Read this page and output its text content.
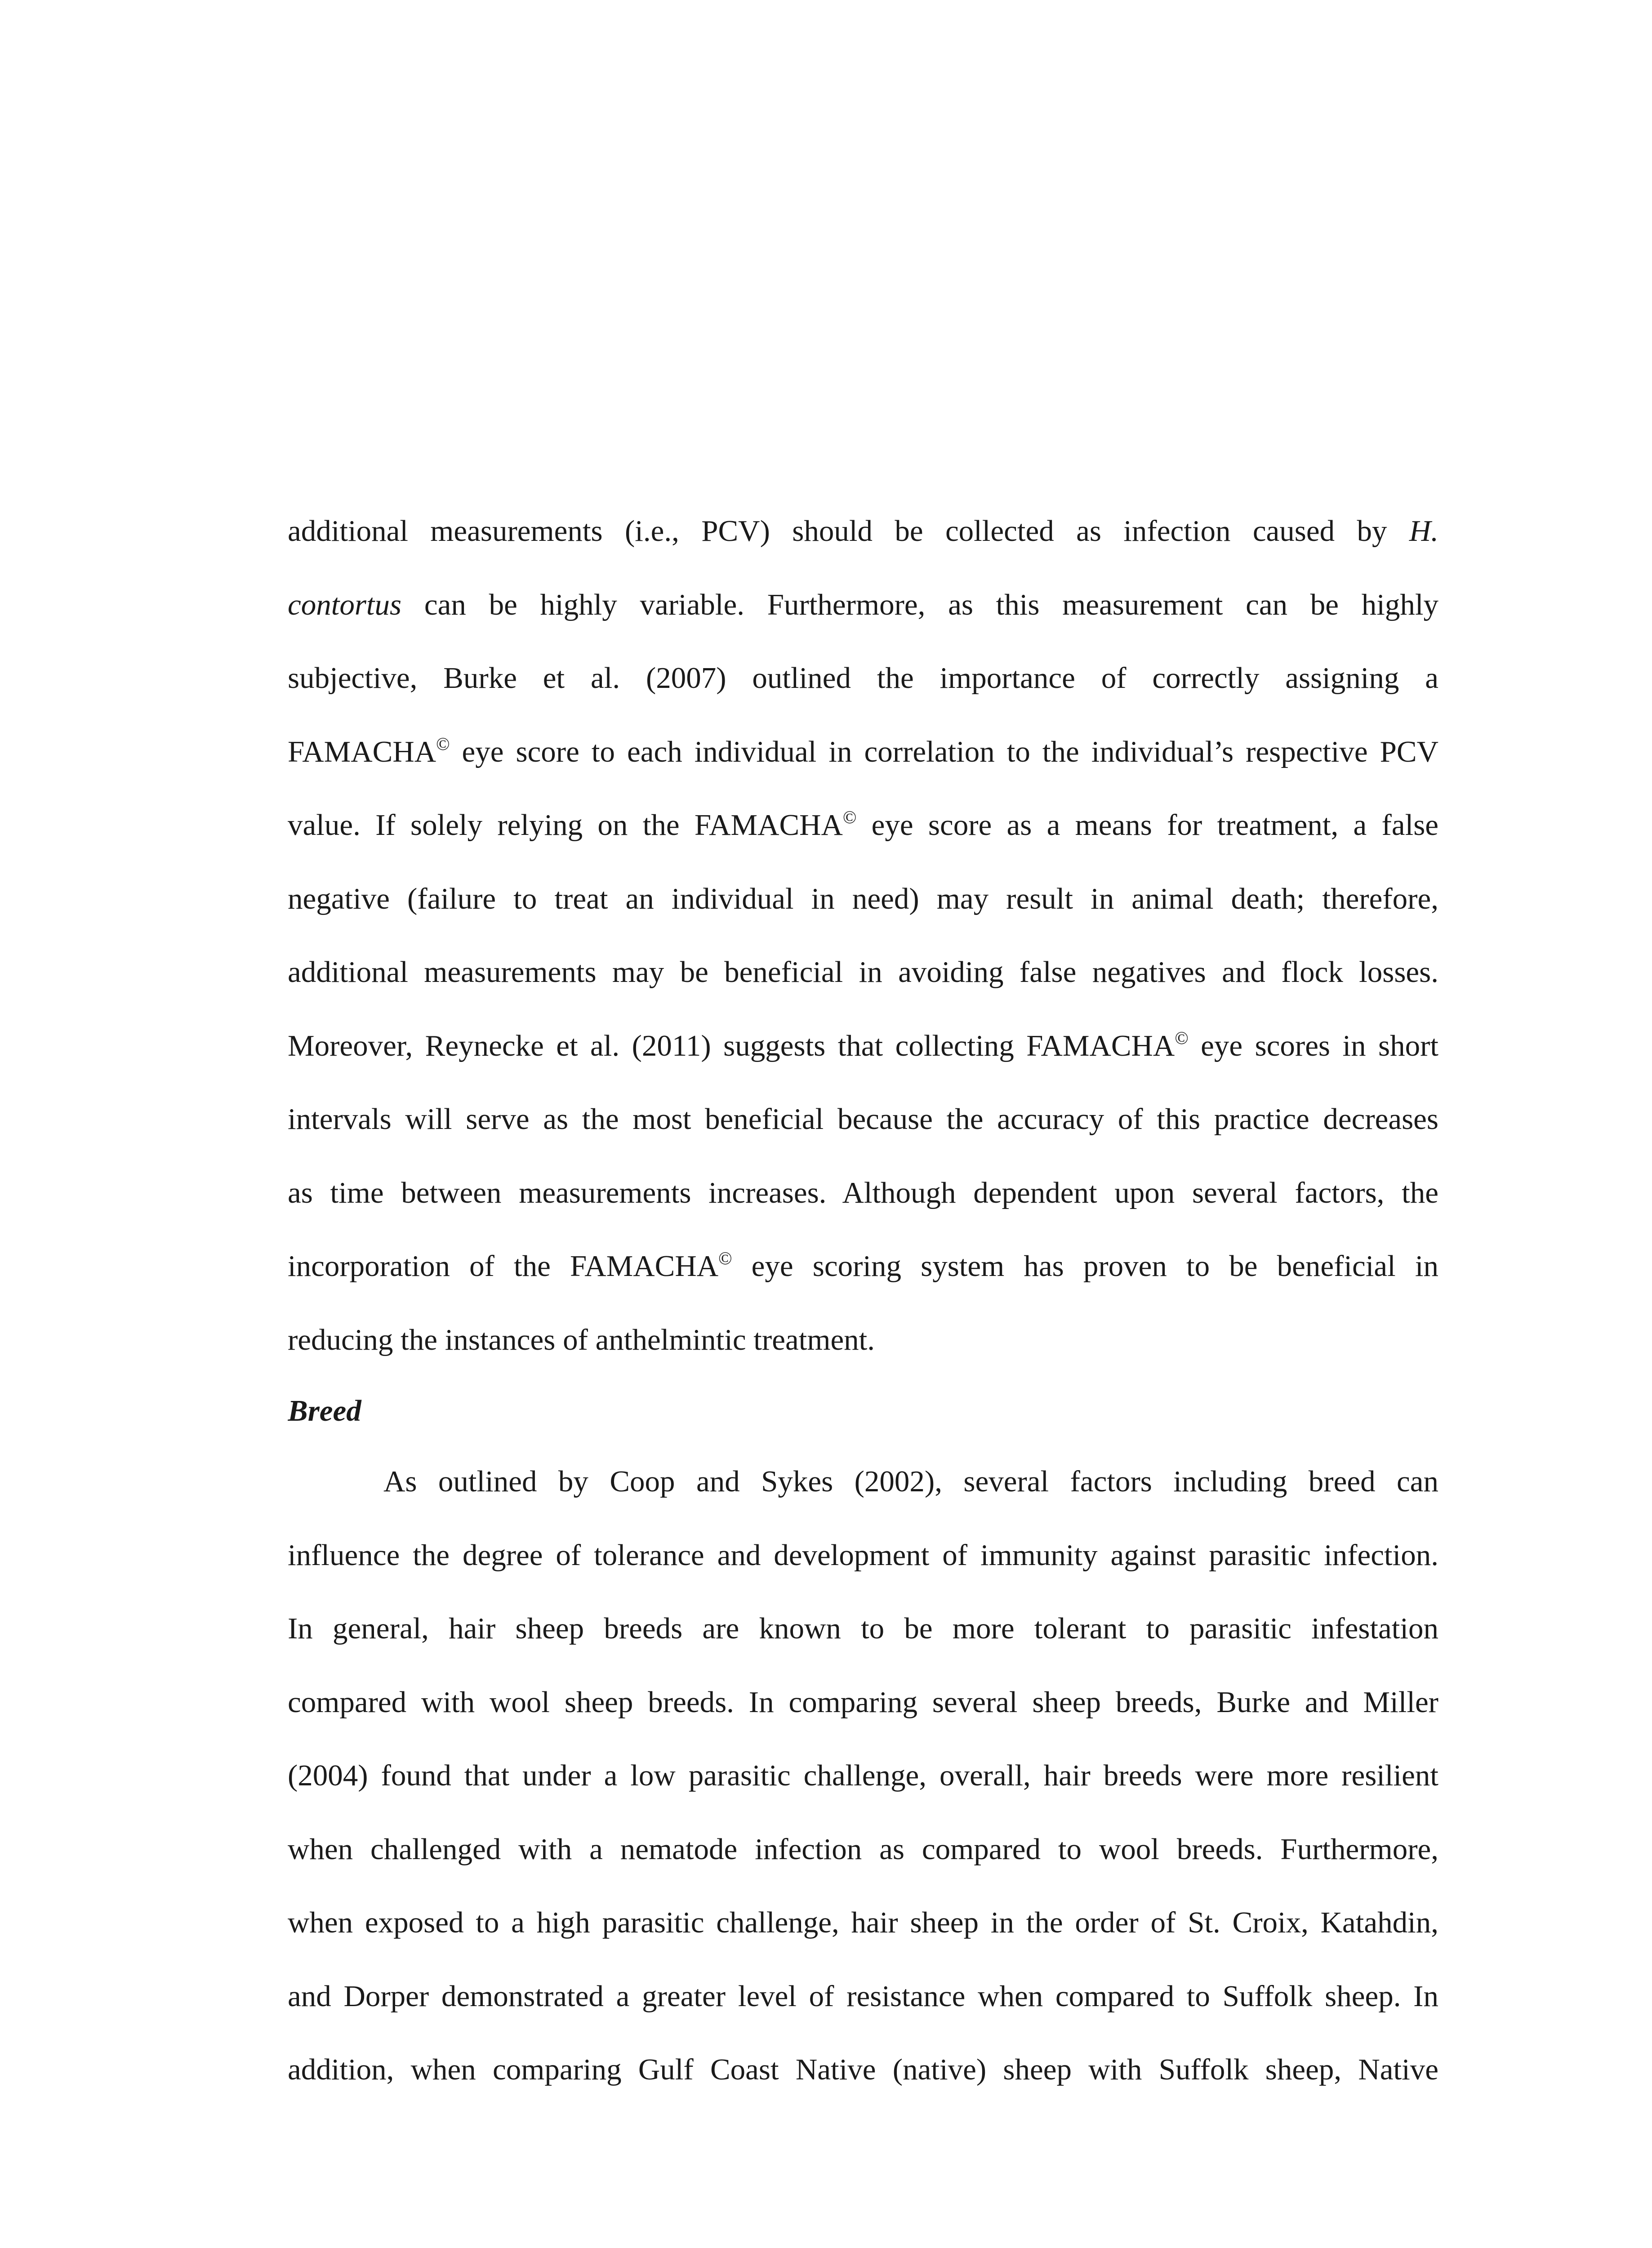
additional measurements (i.e., PCV) should be collected as infection caused by H.
contortus can be highly variable. Furthermore, as this measurement can be highly
subjective, Burke et al. (2007) outlined the importance of correctly assigning a
FAMACHA© eye score to each individual in correlation to the individual’s respective PCV
value. If solely relying on the FAMACHA© eye score as a means for treatment, a false
negative (failure to treat an individual in need) may result in animal death; therefore,
additional measurements may be beneficial in avoiding false negatives and flock losses.
Moreover, Reynecke et al. (2011) suggests that collecting FAMACHA© eye scores in short
intervals will serve as the most beneficial because the accuracy of this practice decreases
as time between measurements increases. Although dependent upon several factors, the
incorporation of the FAMACHA© eye scoring system has proven to be beneficial in
reducing the instances of anthelmintic treatment.
Breed
As outlined by Coop and Sykes (2002), several factors including breed can
influence the degree of tolerance and development of immunity against parasitic infection.
In general, hair sheep breeds are known to be more tolerant to parasitic infestation
compared with wool sheep breeds. In comparing several sheep breeds, Burke and Miller
(2004) found that under a low parasitic challenge, overall, hair breeds were more resilient
when challenged with a nematode infection as compared to wool breeds. Furthermore,
when exposed to a high parasitic challenge, hair sheep in the order of St. Croix, Katahdin,
and Dorper demonstrated a greater level of resistance when compared to Suffolk sheep. In
addition, when comparing Gulf Coast Native (native) sheep with Suffolk sheep, Native
